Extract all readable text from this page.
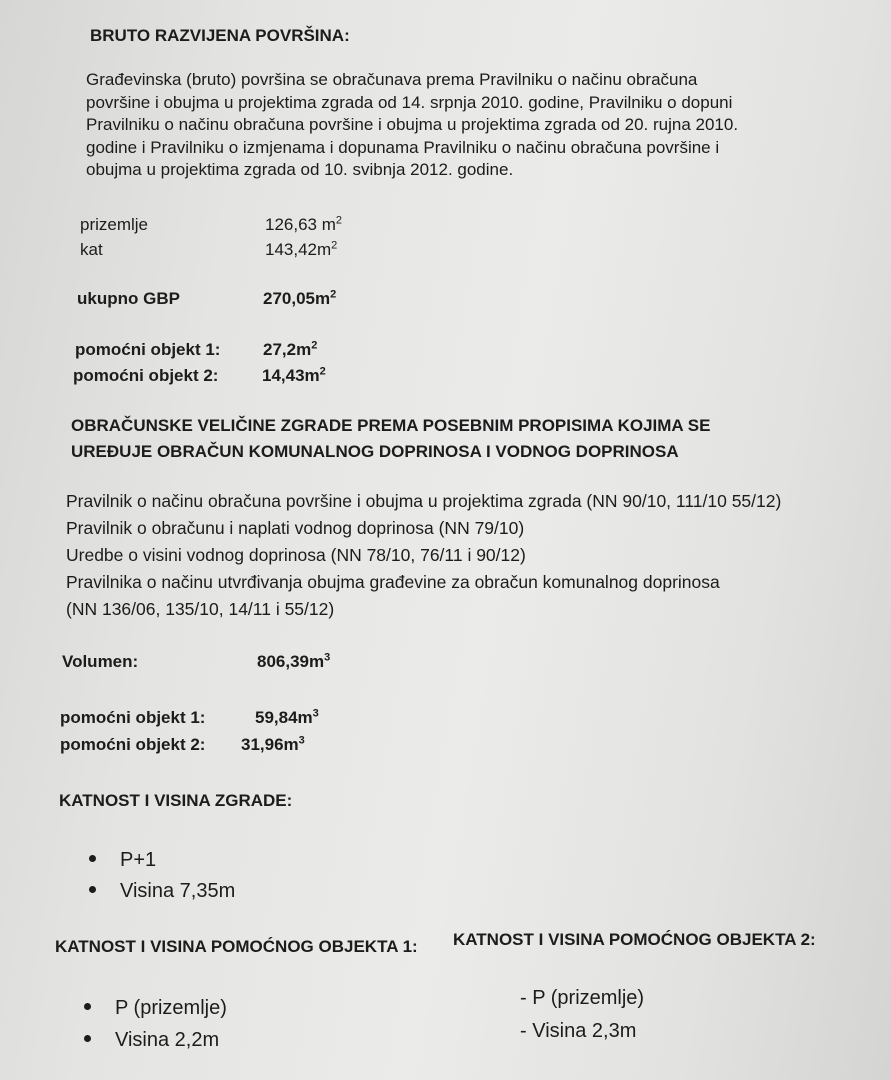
BRUTO RAZVIJENA POVRŠINA:
Građevinska (bruto) površina se obračunava prema Pravilniku o načinu obračuna
površine i obujma u projektima zgrada od 14. srpnja 2010. godine, Pravilniku o dopuni
Pravilniku o načinu obračuna površine i obujma u projektima zgrada od 20. rujna 2010.
godine i Pravilniku o izmjenama i dopunama Pravilniku o načinu obračuna površine i
obujma u projektima zgrada od 10. svibnja 2012. godine.
prizemlje	126,63 $m^2$
kat	$143,42m^2$
ukupno GBP	$270,05m^2$
pomoćni objekt 1:	$27,2m^2$
pomoćni objekt 2:	$14,43m^2$
OBRAČUNSKE VELIČINE ZGRADE PREMA POSEBNIM PROPISIMA KOJIMA SE
UREĐUJE OBRAČUN KOMUNALNOG DOPRINOSA I VODNOG DOPRINOSA
Pravilnik o načinu obračuna površine i obujma u projektima zgrada (NN 90/10, 111/10 55/12)
Pravilnik o obračunu i naplati vodnog doprinosa (NN 79/10)
Uredbe o visini vodnog doprinosa (NN 78/10, 76/11 i 90/12)
Pravilnika o načinu utvrđivanja obujma građevine za obračun komunalnog doprinosa
(NN 136/06, 135/10, 14/11 i 55/12)
Volumen:	$806,39m^3$
pomoćni objekt 1:	$59,84m^3$
pomoćni objekt 2: $31,96m^3$
KATNOST I VISINA ZGRADE:
P+1
Visina 7,35m
KATNOST I VISINA POMOĆNOG OBJEKTA 1: KATNOST I VISINA POMOĆNOG OBJEKTA 2:
P (prizemlje)
Visina 2,2m
- P (prizemlje)
- Visina 2,3m
